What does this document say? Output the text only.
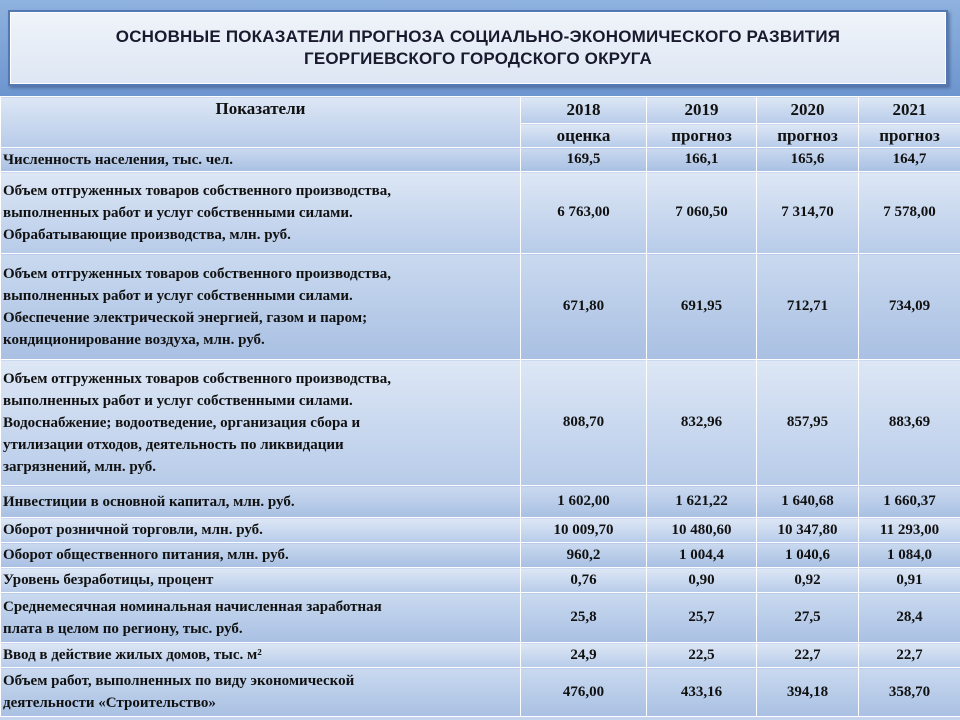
ОСНОВНЫЕ ПОКАЗАТЕЛИ ПРОГНОЗА СОЦИАЛЬНО-ЭКОНОМИЧЕСКОГО РАЗВИТИЯ
ГЕОРГИЕВСКОГО ГОРОДСКОГО ОКРУГА
Показатели	2018	2019	2020	2021
	оценка	прогноз	прогноз	прогноз

Численность населения, тыс. чел.	169,5	166,1	165,6	164,7

Объем отгруженных товаров собственного производства,
выполненных работ и услуг собственными силами.
Обрабатывающие производства, млн. руб.	6 763,00	7 060,50	7 314,70	7 578,00

Объем отгруженных товаров собственного производства,
выполненных работ и услуг собственными силами.
Обеспечение электрической энергией, газом и паром;
кондиционирование воздуха, млн. руб.	671,80	691,95	712,71	734,09

Объем отгруженных товаров собственного производства,
выполненных работ и услуг собственными силами.
Водоснабжение; водоотведение, организация сбора и
утилизации отходов, деятельность по ликвидации
загрязнений, млн. руб.	808,70	832,96	857,95	883,69

Инвестиции в основной капитал, млн. руб.	1 602,00	1 621,22	1 640,68	1 660,37

Оборот розничной торговли, млн. руб.	10 009,70	10 480,60	10 347,80	11 293,00

Оборот общественного питания, млн. руб.	960,2	1 004,4	1 040,6	1 084,0

Уровень безработицы, процент	0,76	0,90	0,92	0,91

Среднемесячная номинальная начисленная заработная
плата в целом по региону, тыс. руб.	25,8	25,7	27,5	28,4

Ввод в действие жилых домов, тыс. м²	24,9	22,5	22,7	22,7

Объем работ, выполненных по виду экономической
деятельности «Строительство»	476,00	433,16	394,18	358,70
